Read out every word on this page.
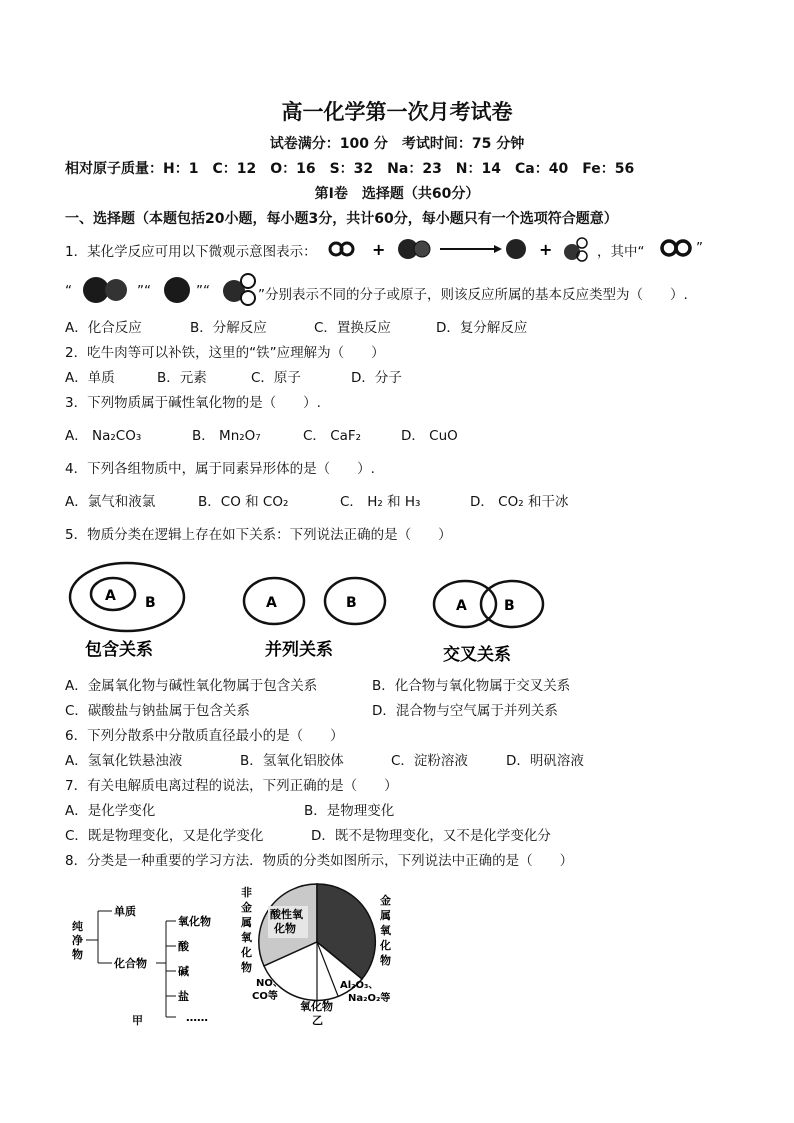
高一化学第一次月考试卷
试卷满分：100 分　考试时间：75 分钟
相对原子质量：H：1　C：12　O：16　S：32　Na：23　N：14　Ca：40　Fe：56
第Ⅰ卷　选择题（共60分）
一、选择题（本题包括20小题，每小题3分，共计60分，每小题只有一个选项符合题意）
1．某化学反应可用以下微观示意图表示：	+	+	，其中“	”
“	”“	”“	”分别表示不同的分子或原子，则该反应所属的基本反应类型为（　　）.
A．化合反应	B．分解反应	C．置换反应	D．复分解反应
2．吃牛肉等可以补铁，这里的“铁”应理解为（　　）
A．单质	B．元素	C．原子	D．分子
3．下列物质属于碱性氧化物的是（　　）.
A． Na₂CO₃	B． Mn₂O₇	C． CaF₂	D． CuO
4．下列各组物质中，属于同素异形体的是（　　）.
A．氯气和液氯	B．CO 和 CO₂	C． H₂ 和 H₃	D． CO₂ 和干冰
5．物质分类在逻辑上存在如下关系：下列说法正确的是（　　）
A B	A	B	A	B
包含关系	并列关系	交叉关系
A．金属氧化物与碱性氧化物属于包含关系	B．化合物与氧化物属于交叉关系
C．碳酸盐与钠盐属于包含关系	D．混合物与空气属于并列关系
6．下列分散系中分散质直径最小的是（　　）
A．氢氧化铁悬浊液	B．氢氧化铝胶体	C．淀粉溶液	D．明矾溶液
7．有关电解质电离过程的说法，下列正确的是（　　）
A．是化学变化	B．是物理变化
C．既是物理变化，又是化学变化	D．既不是物理变化，又不是化学变化分
8．分类是一种重要的学习方法．物质的分类如图所示，下列说法中正确的是（　　）
纯
净
物
单质
化合物
氧化物
酸
碱
盐
……
甲
非
金
属
氧
化
物
金
属
氧
化
物
酸性氧
化物
NO、
CO等
氧化物
Al₂O₃、
Na₂O₂等
乙
